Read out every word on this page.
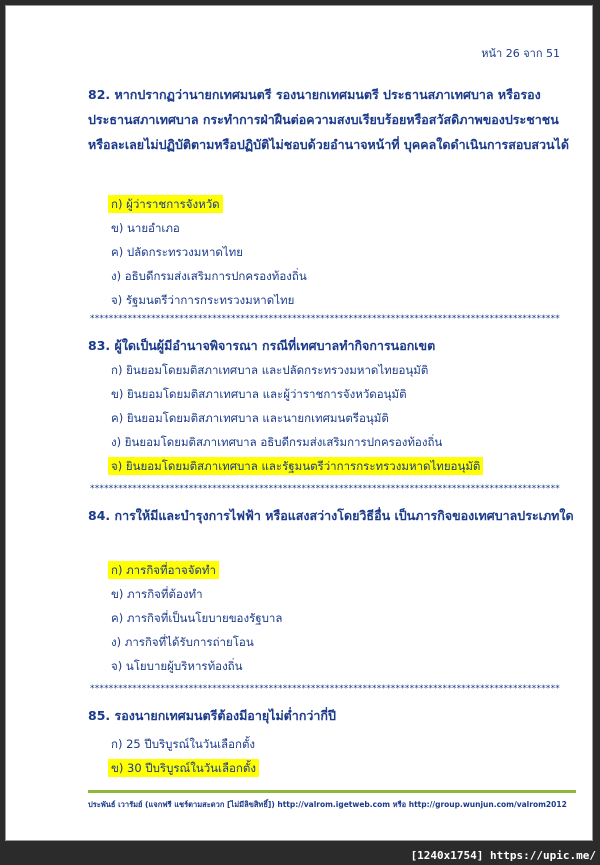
หน้า 26 จาก 51
82. หากปรากฏว่านายกเทศมนตรี รองนายกเทศมนตรี ประธานสภาเทศบาล หรือรองประธานสภาเทศบาล กระทำการฝ่าฝืนต่อความสงบเรียบร้อยหรือสวัสดิภาพของประชาชน หรือละเลยไม่ปฏิบัติตามหรือปฏิบัติไม่ชอบด้วยอำนาจหน้าที่ บุคคลใดดำเนินการสอบสวนได้
ก) ผู้ว่าราชการจังหวัด
ข) นายอำเภอ
ค) ปลัดกระทรวงมหาดไทย
ง) อธิบดีกรมส่งเสริมการปกครองท้องถิ่น
จ) รัฐมนตรีว่าการกระทรวงมหาดไทย
****************************************************************************************************
83. ผู้ใดเป็นผู้มีอำนาจพิจารณา กรณีที่เทศบาลทำกิจการนอกเขต
ก) ยินยอมโดยมติสภาเทศบาล และปลัดกระทรวงมหาดไทยอนุมัติ
ข) ยินยอมโดยมติสภาเทศบาล และผู้ว่าราชการจังหวัดอนุมัติ
ค) ยินยอมโดยมติสภาเทศบาล และนายกเทศมนตรีอนุมัติ
ง) ยินยอมโดยมติสภาเทศบาล อธิบดีกรมส่งเสริมการปกครองท้องถิ่น
จ) ยินยอมโดยมติสภาเทศบาล และรัฐมนตรีว่าการกระทรวงมหาดไทยอนุมัติ
****************************************************************************************************
84. การให้มีและบำรุงการไฟฟ้า หรือแสงสว่างโดยวิธีอื่น เป็นภารกิจของเทศบาลประเภทใด
ก) ภารกิจที่อาจจัดทำ
ข) ภารกิจที่ต้องทำ
ค) ภารกิจที่เป็นนโยบายของรัฐบาล
ง) ภารกิจที่ได้รับการถ่ายโอน
จ) นโยบายผู้บริหารท้องถิ่น
****************************************************************************************************
85. รองนายกเทศมนตรีต้องมีอายุไม่ต่ำกว่ากี่ปี
ก) 25 ปีบริบูรณ์ในวันเลือกตั้ง
ข) 30 ปีบริบูรณ์ในวันเลือกตั้ง
ประพันธ์ เวารัมย์ (แจกฟรี แชร์ตามสะดวก [ไม่มีลิขสิทธิ์]) http://valrom.igetweb.com หรือ http://group.wunjun.com/valrom2012
[1240x1754] https://upic.me/
